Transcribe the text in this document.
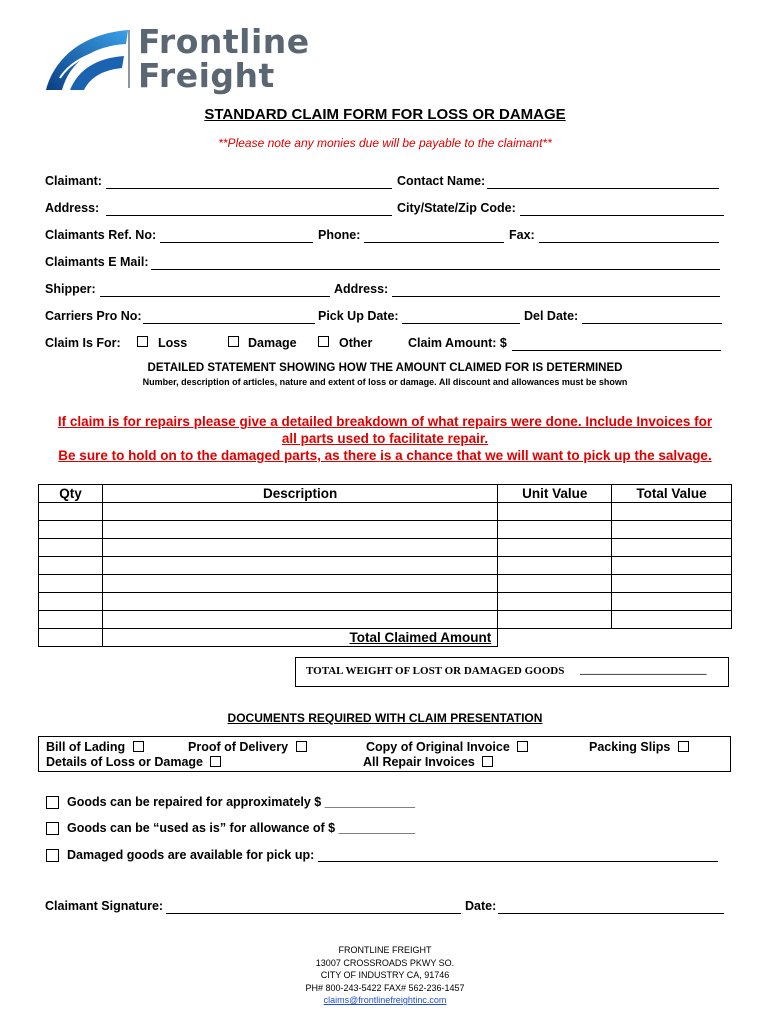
Frontline
Freight
STANDARD CLAIM FORM FOR LOSS OR DAMAGE
**Please note any monies due will be payable to the claimant**
Claimant:	Contact Name:
Address:	City/State/Zip Code:
Claimants Ref. No:	Phone:	Fax:
Claimants E Mail:
Shipper:	Address:
Carriers Pro No:	Pick Up Date:	Del Date:
Claim Is For:	Loss	Damage	Other	Claim Amount: $
DETAILED STATEMENT SHOWING HOW THE AMOUNT CLAIMED FOR IS DETERMINED
Number, description of articles, nature and extent of loss or damage. All discount and allowances must be shown
If claim is for repairs please give a detailed breakdown of what repairs were done. Include Invoices for
all parts used to facilitate repair.
Be sure to hold on to the damaged parts, as there is a chance that we will want to pick up the salvage.
Qty	Description	Unit Value	Total Value

	Total Claimed Amount		
TOTAL WEIGHT OF LOST OR DAMAGED GOODS _______________________
DOCUMENTS REQUIRED WITH CLAIM PRESENTATION
Bill of Lading	Proof of Delivery	Copy of Original Invoice	Packing Slips
Details of Loss or Damage	All Repair Invoices
Goods can be repaired for approximately $ _____________
Goods can be “used as is” for allowance of $ ___________
Damaged goods are available for pick up:
Claimant Signature:	Date:
FRONTLINE FREIGHT
13007 CROSSROADS PKWY SO.
CITY OF INDUSTRY CA, 91746
PH# 800-243-5422 FAX# 562-236-1457
claims@frontlinefreightinc.com
